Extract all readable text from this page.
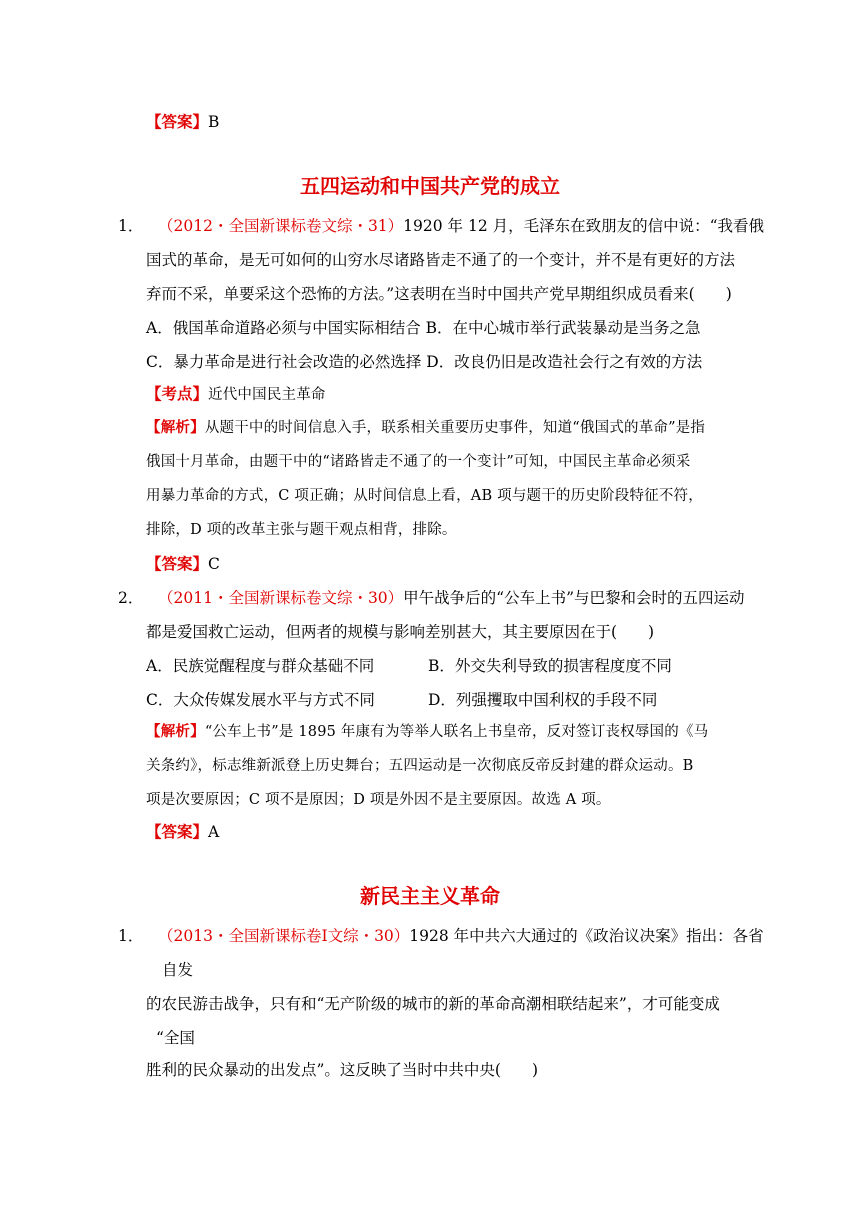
【答案】B
五四运动和中国共产党的成立
1． （2012・全国新课标卷文综・31）1920 年 12 月，毛泽东在致朋友的信中说：“我看俄
国式的革命，是无可如何的山穷水尽诸路皆走不通了的一个变计，并不是有更好的方法
弃而不采，单要采这个恐怖的方法。”这表明在当时中国共产党早期组织成员看来(　　)
A．俄国革命道路必须与中国实际相结合 B．在中心城市举行武装暴动是当务之急
C．暴力革命是进行社会改造的必然选择 D．改良仍旧是改造社会行之有效的方法
【考点】近代中国民主革命
【解析】从题干中的时间信息入手，联系相关重要历史事件，知道“俄国式的革命”是指
俄国十月革命，由题干中的“诸路皆走不通了的一个变计”可知，中国民主革命必须采
用暴力革命的方式，C 项正确；从时间信息上看，AB 项与题干的历史阶段特征不符，
排除，D 项的改革主张与题干观点相背，排除。
【答案】C
2． （2011・全国新课标卷文综・30）甲午战争后的“公车上书”与巴黎和会时的五四运动
都是爱国救亡运动，但两者的规模与影响差别甚大，其主要原因在于(　　)
A．民族觉醒程度与群众基础不同	B．外交失利导致的损害程度度不同
C．大众传媒发展水平与方式不同	D．列强攫取中国利权的手段不同
【解析】“公车上书”是 1895 年康有为等举人联名上书皇帝，反对签订丧权辱国的《马
关条约》，标志维新派登上历史舞台；五四运动是一次彻底反帝反封建的群众运动。B
项是次要原因；C 项不是原因；D 项是外因不是主要原因。故选 A 项。
【答案】A
新民主主义革命
1． （2013・全国新课标卷Ⅰ文综・30）1928 年中共六大通过的《政治议决案》指出：各省
自发
的农民游击战争，只有和“无产阶级的城市的新的革命高潮相联结起来”，才可能变成
“全国
胜利的民众暴动的出发点”。这反映了当时中共中央(　　)
